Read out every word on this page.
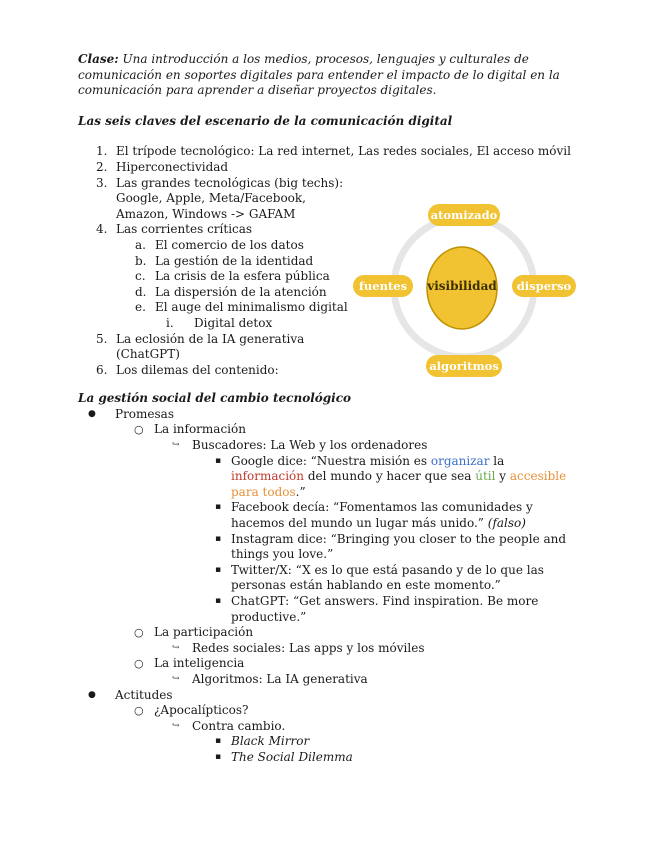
Clase: Una introducción a los medios, procesos, lenguajes y culturales de comunicación en soportes digitales para entender el impacto de lo digital en la comunicación para aprender a diseñar proyectos digitales.

Las seis claves del escenario de la comunicación digital

1. El trípode tecnológico: La red internet, Las redes sociales, El acceso móvil
2. Hiperconectividad
3. Las grandes tecnológicas (big techs): Google, Apple, Meta/Facebook, Amazon, Windows -> GAFAM
4. Las corrientes críticas
a. El comercio de los datos
b. La gestión de la identidad
c. La crisis de la esfera pública
d. La dispersión de la atención
e. El auge del minimalismo digital
i. Digital detox
5. La eclosión de la IA generativa (ChatGPT)
6. Los dilemas del contenido:

La gestión social del cambio tecnológico

● Promesas
○ La información
↪ Buscadores: La Web y los ordenadores
▪ Google dice: “Nuestra misión es organizar la información del mundo y hacer que sea útil y accesible para todos.”
▪ Facebook decía: “Fomentamos las comunidades y hacemos del mundo un lugar más unido.” (falso)
▪ Instagram dice: “Bringing you closer to the people and things you love.”
▪ Twitter/X: “X es lo que está pasando y de lo que las personas están hablando en este momento.”
▪ ChatGPT: “Get answers. Find inspiration. Be more productive.”
○ La participación
↪ Redes sociales: Las apps y los móviles
○ La inteligencia
↪ Algoritmos: La IA generativa
● Actitudes
○ ¿Apocalípticos?
↪ Contra cambio.
▪ Black Mirror
▪ The Social Dilemma
visibilidad
atomizado
disperso
algoritmos
fuentes
